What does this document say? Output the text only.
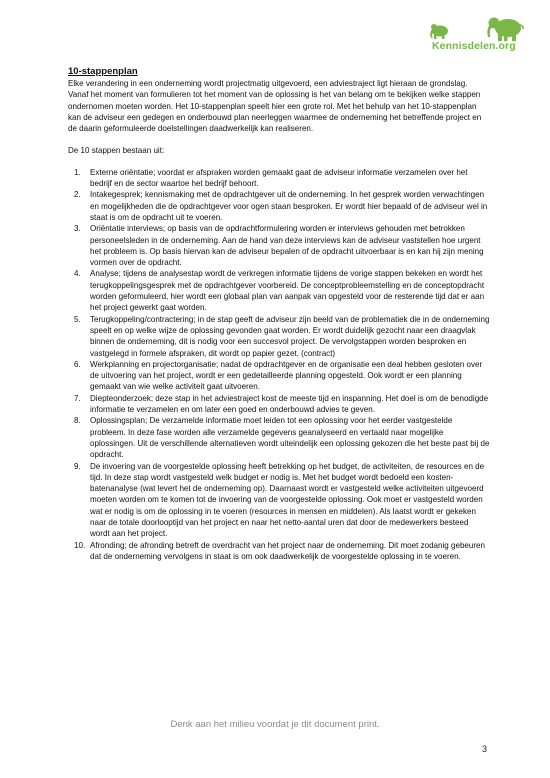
Kennisdelen.org
10-stappenplan

Elke verandering in een onderneming wordt projectmatig uitgevoerd, een adviestraject ligt hieraan de grondslag. Vanaf het moment van formulieren tot het moment van de oplossing is het van belang om te bekijken welke stappen ondernomen moeten worden. Het 10-stappenplan speelt hier een grote rol. Met het behulp van het 10-stappenplan kan de adviseur een gedegen en onderbouwd plan neerleggen waarmee de onderneming het betreffende project en de daarin geformuleerde doelstellingen daadwerkelijk kan realiseren.

De 10 stappen bestaan uit:

1. Externe oriëntatie; voordat er afspraken worden gemaakt gaat de adviseur informatie verzamelen over het bedrijf en de sector waartoe het bedrijf behoort.
2. Intakegesprek; kennismaking met de opdrachtgever uit de onderneming. In het gesprek worden verwachtingen en mogelijkheden die de opdrachtgever voor ogen staan besproken. Er wordt hier bepaald of de adviseur wel in staat is om de opdracht uit te voeren.
3. Oriëntatie interviews; op basis van de opdrachtformulering worden er interviews gehouden met betrokken personeelsleden in de onderneming. Aan de hand van deze interviews kan de adviseur vaststellen hoe urgent het probleem is. Op basis hiervan kan de adviseur bepalen of de opdracht uitvoerbaar is en kan hij zijn mening vormen over de opdracht.
4. Analyse; tijdens de analysestap wordt de verkregen informatie tijdens de vorige stappen bekeken en wordt het terugkoppelingsgesprek met de opdrachtgever voorbereid. De conceptprobleemstelling en de conceptopdracht worden geformuleerd, hier wordt een globaal plan van aanpak van opgesteld voor de resterende tijd dat er aan het project gewerkt gaat worden.
5. Terugkoppeling/contractering; in de stap geeft de adviseur zijn beeld van de problematiek die in de onderneming speelt en op welke wijze de oplossing gevonden gaat worden. Er wordt duidelijk gezocht naar een draagvlak binnen de onderneming, dit is nodig voor een succesvol project. De vervolgstappen worden besproken en vastgelegd in formele afspraken, dit wordt op papier gezet. (contract)
6. Werkplanning en projectorganisatie; nadat de opdrachtgever en de organisatie een deal hebben gesloten over de uitvoering van het project, wordt er een gedetailleerde planning opgesteld. Ook wordt er een planning gemaakt van wie welke activiteit gaat uitvoeren.
7. Diepteonderzoek; deze stap in het adviestraject kost de meeste tijd en inspanning. Het doel is om de benodigde informatie te verzamelen en om later een goed en onderbouwd advies te geven.
8. Oplossingsplan; De verzamelde informatie moet leiden tot een oplossing voor het eerder vastgestelde probleem. In deze fase worden alle verzamelde gegevens geanalyseerd en vertaald naar mogelijke oplossingen. Uit de verschillende alternatieven wordt uiteindelijk een oplossing gekozen die het beste past bij de opdracht.
9. De invoering van de voorgestelde oplossing heeft betrekking op het budget, de activiteiten, de resources en de tijd. In deze stap wordt vastgesteld welk budget er nodig is. Met het budget wordt bedoeld een kosten-batenanalyse (wat levert het de onderneming op). Daarnaast wordt er vastgesteld welke activiteiten uitgevoerd moeten worden om te komen tot de invoering van de voorgestelde oplossing. Ook moet er vastgesteld worden wat er nodig is om de oplossing in te voeren (resources in mensen en middelen). Als laatst wordt er gekeken naar de totale doorlooptijd van het project en naar het netto-aantal uren dat door de medewerkers besteed wordt aan het project.
10. Afronding; de afronding betreft de overdracht van het project naar de onderneming. Dit moet zodanig gebeuren dat de onderneming vervolgens in staat is om ook daadwerkelijk de voorgestelde oplossing in te voeren.
Denk aan het milieu voordat je dit document print.
3
